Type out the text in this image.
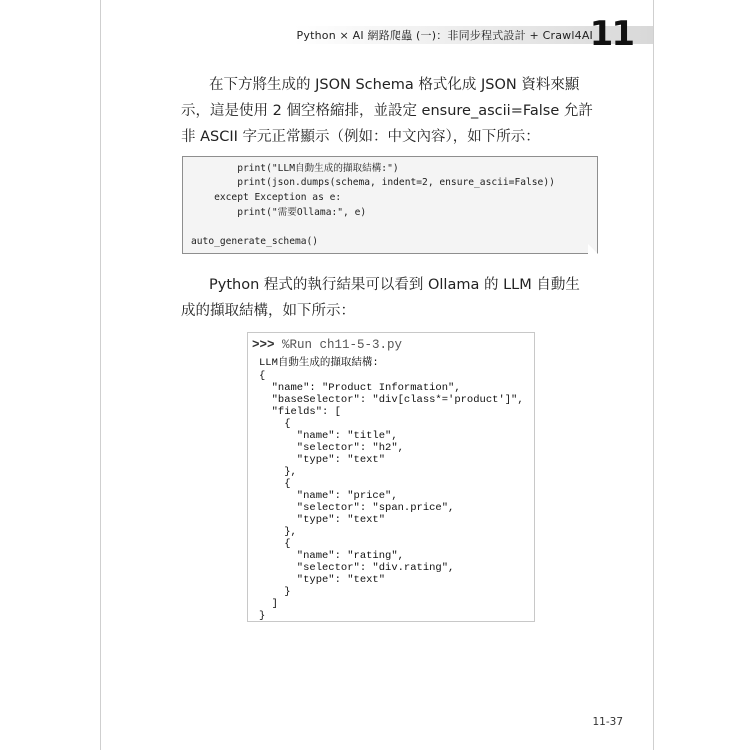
Python × AI 網路爬蟲 (一)：非同步程式設計 + Crawl4AI
11
在下方將生成的 JSON Schema 格式化成 JSON 資料來顯示，這是使用 2 個空格縮排，並設定 ensure_ascii=False 允許非 ASCII 字元正常顯示（例如：中文內容），如下所示：
print("LLM自動生成的擷取結構:")
print(json.dumps(schema, indent=2, ensure_ascii=False))
except Exception as e:
print("需要Ollama:", e)
auto_generate_schema()
Python 程式的執行結果可以看到 Ollama 的 LLM 自動生成的擷取結構，如下所示：
>>> %Run ch11-5-3.py
LLM自動生成的擷取結構:
{
"name": "Product Information",
"baseSelector": "div[class*='product']",
"fields": [
{
"name": "title",
"selector": "h2",
"type": "text"
},
{
"name": "price",
"selector": "span.price",
"type": "text"
},
{
"name": "rating",
"selector": "div.rating",
"type": "text"
}
]
}
11-37
